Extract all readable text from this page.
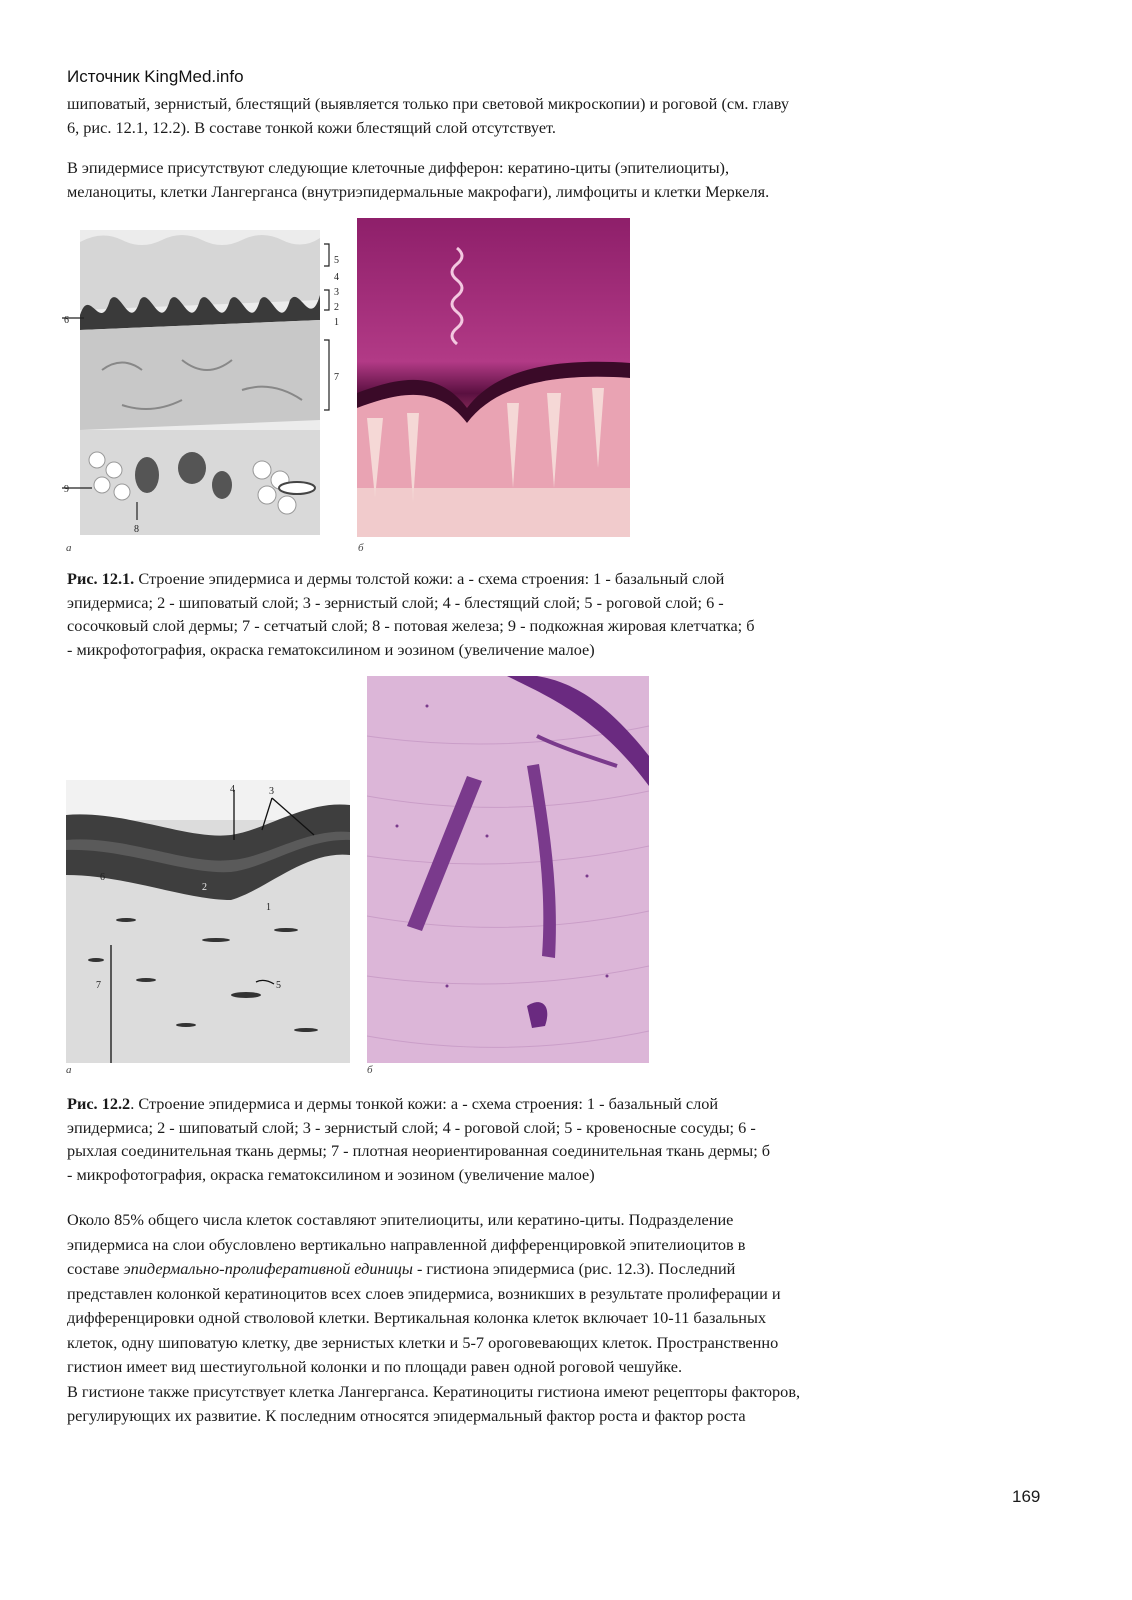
Источник KingMed.info

шиповатый, зернистый, блестящий (выявляется только при световой микроскопии) и роговой (см. главу
6, рис. 12.1, 12.2). В составе тонкой кожи блестящий слой отсутствует.

В эпидермисе присутствуют следующие клеточные дифферон: кератино-циты (эпителиоциты),
меланоциты, клетки Лангерганса (внутриэпидермальные макрофаги), лимфоциты и клетки Меркеля.

5
4
3
2
1
6
7
9
8
а	б

Рис. 12.1. Строение эпидермиса и дермы толстой кожи: а - схема строения: 1 - базальный слой
эпидермиса; 2 - шиповатый слой; 3 - зернистый слой; 4 - блестящий слой; 5 - роговой слой; 6 -
сосочковый слой дермы; 7 - сетчатый слой; 8 - потовая железа; 9 - подкожная жировая клетчатка; б
- микрофотография, окраска гематоксилином и эозином (увеличение малое)

4	3
2
1
6
7	5
а	б

Рис. 12.2. Строение эпидермиса и дермы тонкой кожи: а - схема строения: 1 - базальный слой
эпидермиса; 2 - шиповатый слой; 3 - зернистый слой; 4 - роговой слой; 5 - кровеносные сосуды; 6 -
рыхлая соединительная ткань дермы; 7 - плотная неориентированная соединительная ткань дермы; б
- микрофотография, окраска гематоксилином и эозином (увеличение малое)

Около 85% общего числа клеток составляют эпителиоциты, или кератино-циты. Подразделение
эпидермиса на слои обусловлено вертикально направленной дифференцировкой эпителиоцитов в
составе эпидермально-пролиферативной единицы - гистиона эпидермиса (рис. 12.3). Последний
представлен колонкой кератиноцитов всех слоев эпидермиса, возникших в результате пролиферации и
дифференцировки одной стволовой клетки. Вертикальная колонка клеток включает 10-11 базальных
клеток, одну шиповатую клетку, две зернистых клетки и 5-7 ороговевающих клеток. Пространственно
гистион имеет вид шестиугольной колонки и по площади равен одной роговой чешуйке.
В гистионе также присутствует клетка Лангерганса. Кератиноциты гистиона имеют рецепторы факторов,
регулирующих их развитие. К последним относятся эпидермальный фактор роста и фактор роста

169
